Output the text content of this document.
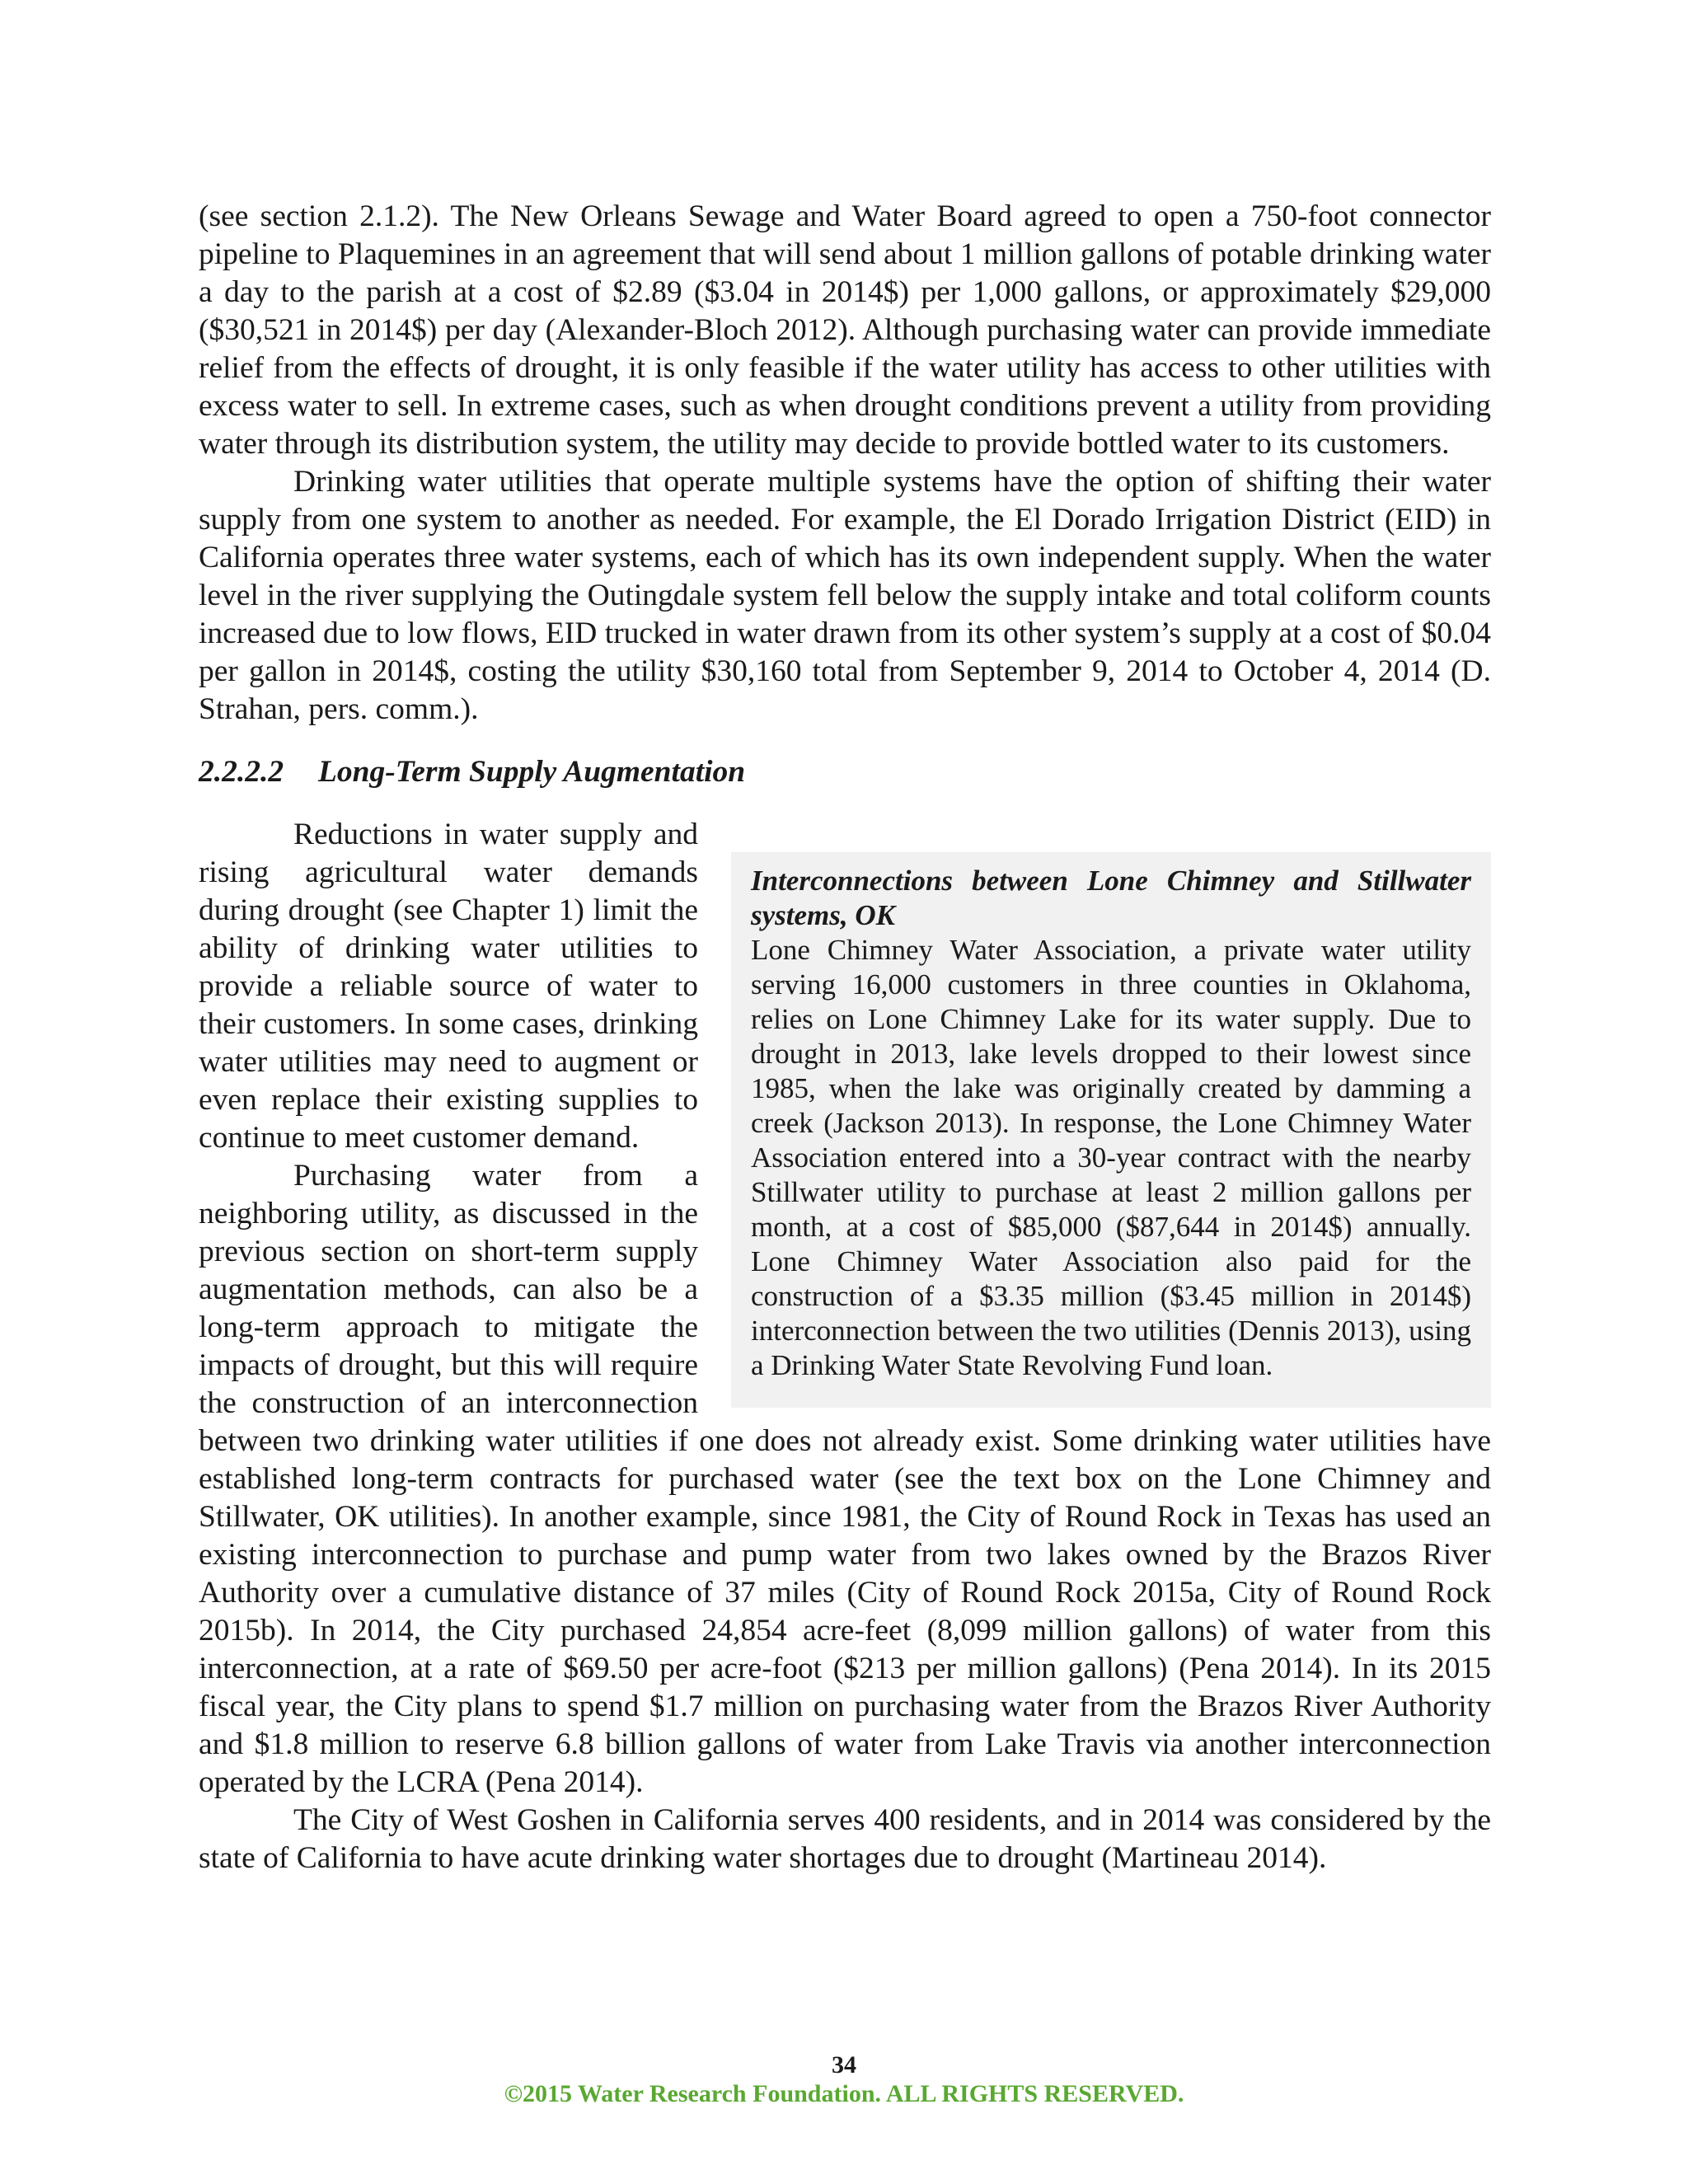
(see section 2.1.2). The New Orleans Sewage and Water Board agreed to open a 750-foot connector pipeline to Plaquemines in an agreement that will send about 1 million gallons of potable drinking water a day to the parish at a cost of $2.89 ($3.04 in 2014$) per 1,000 gallons, or approximately $29,000 ($30,521 in 2014$) per day (Alexander-Bloch 2012). Although purchasing water can provide immediate relief from the effects of drought, it is only feasible if the water utility has access to other utilities with excess water to sell. In extreme cases, such as when drought conditions prevent a utility from providing water through its distribution system, the utility may decide to provide bottled water to its customers.

Drinking water utilities that operate multiple systems have the option of shifting their water supply from one system to another as needed. For example, the El Dorado Irrigation District (EID) in California operates three water systems, each of which has its own independent supply. When the water level in the river supplying the Outingdale system fell below the supply intake and total coliform counts increased due to low flows, EID trucked in water drawn from its other system’s supply at a cost of $0.04 per gallon in 2014$, costing the utility $30,160 total from September 9, 2014 to October 4, 2014 (D. Strahan, pers. comm.).

2.2.2.2 Long-Term Supply Augmentation

Interconnections between Lone Chimney and Stillwater systems, OK

Lone Chimney Water Association, a private water utility serving 16,000 customers in three counties in Oklahoma, relies on Lone Chimney Lake for its water supply. Due to drought in 2013, lake levels dropped to their lowest since 1985, when the lake was originally created by damming a creek (Jackson 2013). In response, the Lone Chimney Water Association entered into a 30-year contract with the nearby Stillwater utility to purchase at least 2 million gallons per month, at a cost of $85,000 ($87,644 in 2014$) annually. Lone Chimney Water Association also paid for the construction of a $3.35 million ($3.45 million in 2014$) interconnection between the two utilities (Dennis 2013), using a Drinking Water State Revolving Fund loan.

Reductions in water supply and rising agricultural water demands during drought (see Chapter 1) limit the ability of drinking water utilities to provide a reliable source of water to their customers. In some cases, drinking water utilities may need to augment or even replace their existing supplies to continue to meet customer demand.

Purchasing water from a neighboring utility, as discussed in the previous section on short-term supply augmentation methods, can also be a long-term approach to mitigate the impacts of drought, but this will require the construction of an interconnection between two drinking water utilities if one does not already exist. Some drinking water utilities have established long-term contracts for purchased water (see the text box on the Lone Chimney and Stillwater, OK utilities). In another example, since 1981, the City of Round Rock in Texas has used an existing interconnection to purchase and pump water from two lakes owned by the Brazos River Authority over a cumulative distance of 37 miles (City of Round Rock 2015a, City of Round Rock 2015b). In 2014, the City purchased 24,854 acre-feet (8,099 million gallons) of water from this interconnection, at a rate of $69.50 per acre-foot ($213 per million gallons) (Pena 2014). In its 2015 fiscal year, the City plans to spend $1.7 million on purchasing water from the Brazos River Authority and $1.8 million to reserve 6.8 billion gallons of water from Lake Travis via another interconnection operated by the LCRA (Pena 2014).

The City of West Goshen in California serves 400 residents, and in 2014 was considered by the state of California to have acute drinking water shortages due to drought (Martineau 2014).

34
©2015 Water Research Foundation. ALL RIGHTS RESERVED.
